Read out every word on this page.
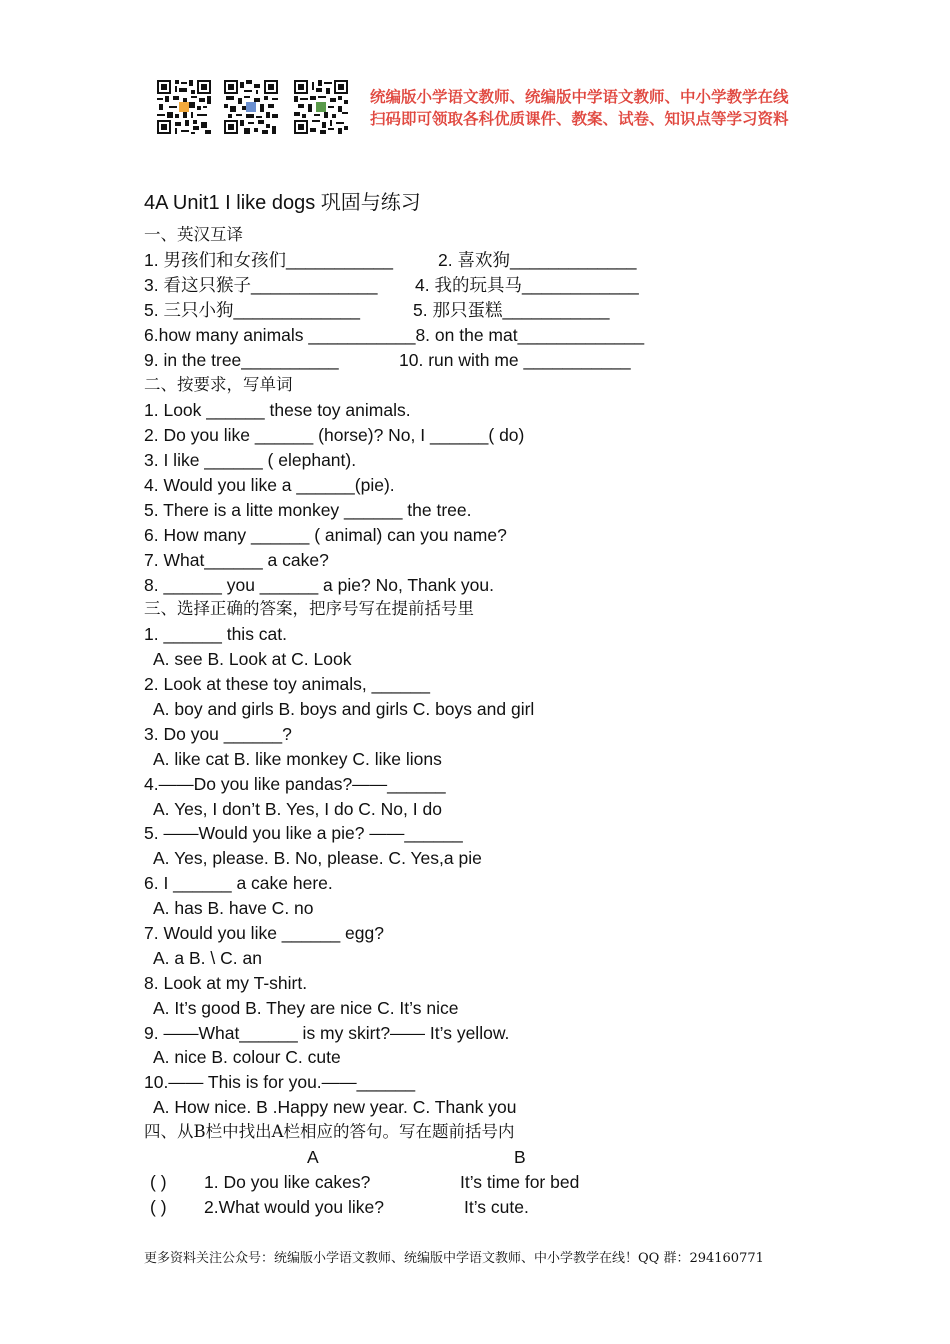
统编版小学语文教师、统编版中学语文教师、中小学教学在线
扫码即可领取各科优质课件、教案、试卷、知识点等学习资料
4A Unit1 I like dogs 巩固与练习
一、英汉互译
1. 男孩们和女孩们___________	2. 喜欢狗_____________
3. 看这只猴子_____________ 4. 我的玩具马____________
5. 三只小狗_____________	5. 那只蛋糕___________
6.how many animals ___________8. on the mat_____________
9. in the tree__________	10. run with me ___________
二、按要求，写单词
1. Look ______ these toy animals.
2. Do you like ______ (horse)? No, I ______( do)
3. I like ______ ( elephant).
4. Would you like a ______(pie).
5. There is a litte monkey ______ the tree.
6. How many ______ ( animal) can you name?
7. What______ a cake?
8. ______ you ______ a pie? No, Thank you.
三、选择正确的答案，把序号写在提前括号里
1. ______ this cat.
A. see B. Look at C. Look
2. Look at these toy animals, ______
A. boy and girls B. boys and girls C. boys and girl
3. Do you ______?
A. like cat B. like monkey C. like lions
4.——Do you like pandas?——______
A. Yes, I don’t B. Yes, I do C. No, I do
5. ——Would you like a pie? ——______
A. Yes, please. B. No, please. C. Yes,a pie
6. I ______ a cake here.
A. has B. have C. no
7. Would you like ______ egg?
A. a B. \ C. an
8. Look at my T-shirt.
A. It’s good B. They are nice C. It’s nice
9. ——What______ is my skirt?—— It’s yellow.
A. nice B. colour C. cute
10.—— This is for you.——______
A. How nice. B .Happy new year. C. Thank you
四、从B栏中找出A栏相应的答句。写在题前括号内
A	B
( ) 1. Do you like cakes?	It’s time for bed
( ) 2.What would you like?	It’s cute.
更多资料关注公众号：统编版小学语文教师、统编版中学语文教师、中小学教学在线！QQ 群：294160771
